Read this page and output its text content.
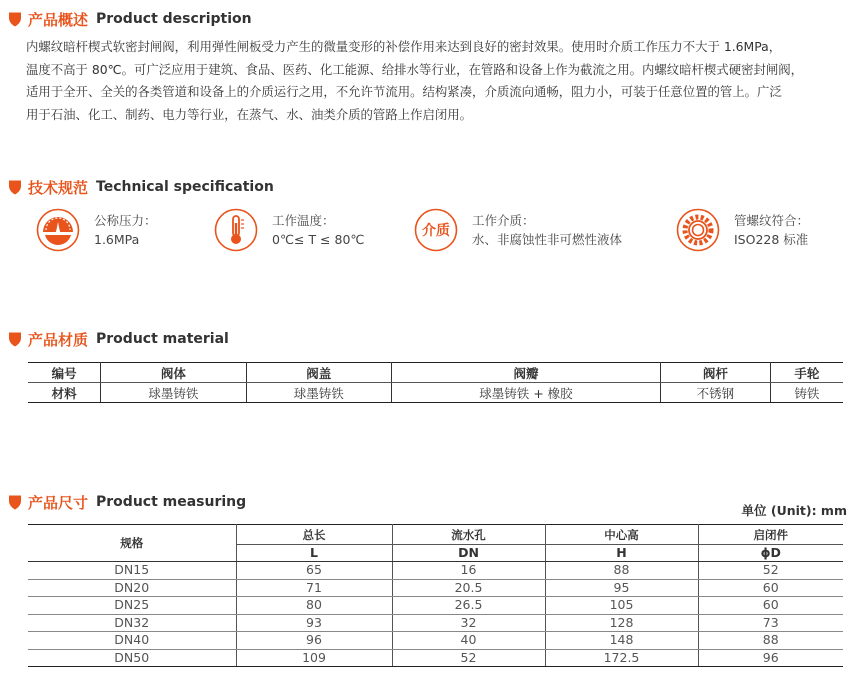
产品概述 Product description
内螺纹暗杆楔式软密封闸阀，利用弹性闸板受力产生的微量变形的补偿作用来达到良好的密封效果。使用时介质工作压力不大于 1.6MPa，
温度不高于 80℃。可广泛应用于建筑、食品、医药、化工能源、给排水等行业，在管路和设备上作为截流之用。内螺纹暗杆楔式硬密封闸阀，
适用于全开、全关的各类管道和设备上的介质运行之用，不允许节流用。结构紧凑，介质流向通畅，阻力小，可装于任意位置的管上。广泛
用于石油、化工、制药、电力等行业，在蒸气、水、油类介质的管路上作启闭用。
技术规范 Technical specification
公称压力：
1.6MPa
工作温度：
0℃≤ T ≤ 80℃
介质
工作介质：
水、非腐蚀性非可燃性液体
管螺纹符合：
ISO228 标准
产品材质 Product material
编号	阀体	阀盖	阀瓣	阀杆	手轮
材料	球墨铸铁	球墨铸铁	球墨铸铁 + 橡胶	不锈钢	铸铁
产品尺寸 Product measuring
单位 (Unit): mm
规格	总长	流水孔	中心高	启闭件
	L	DN	H	ɸD
DN15	65	16	88	52
DN20	71	20.5	95	60
DN25	80	26.5	105	60
DN32	93	32	128	73
DN40	96	40	148	88
DN50	109	52	172.5	96
